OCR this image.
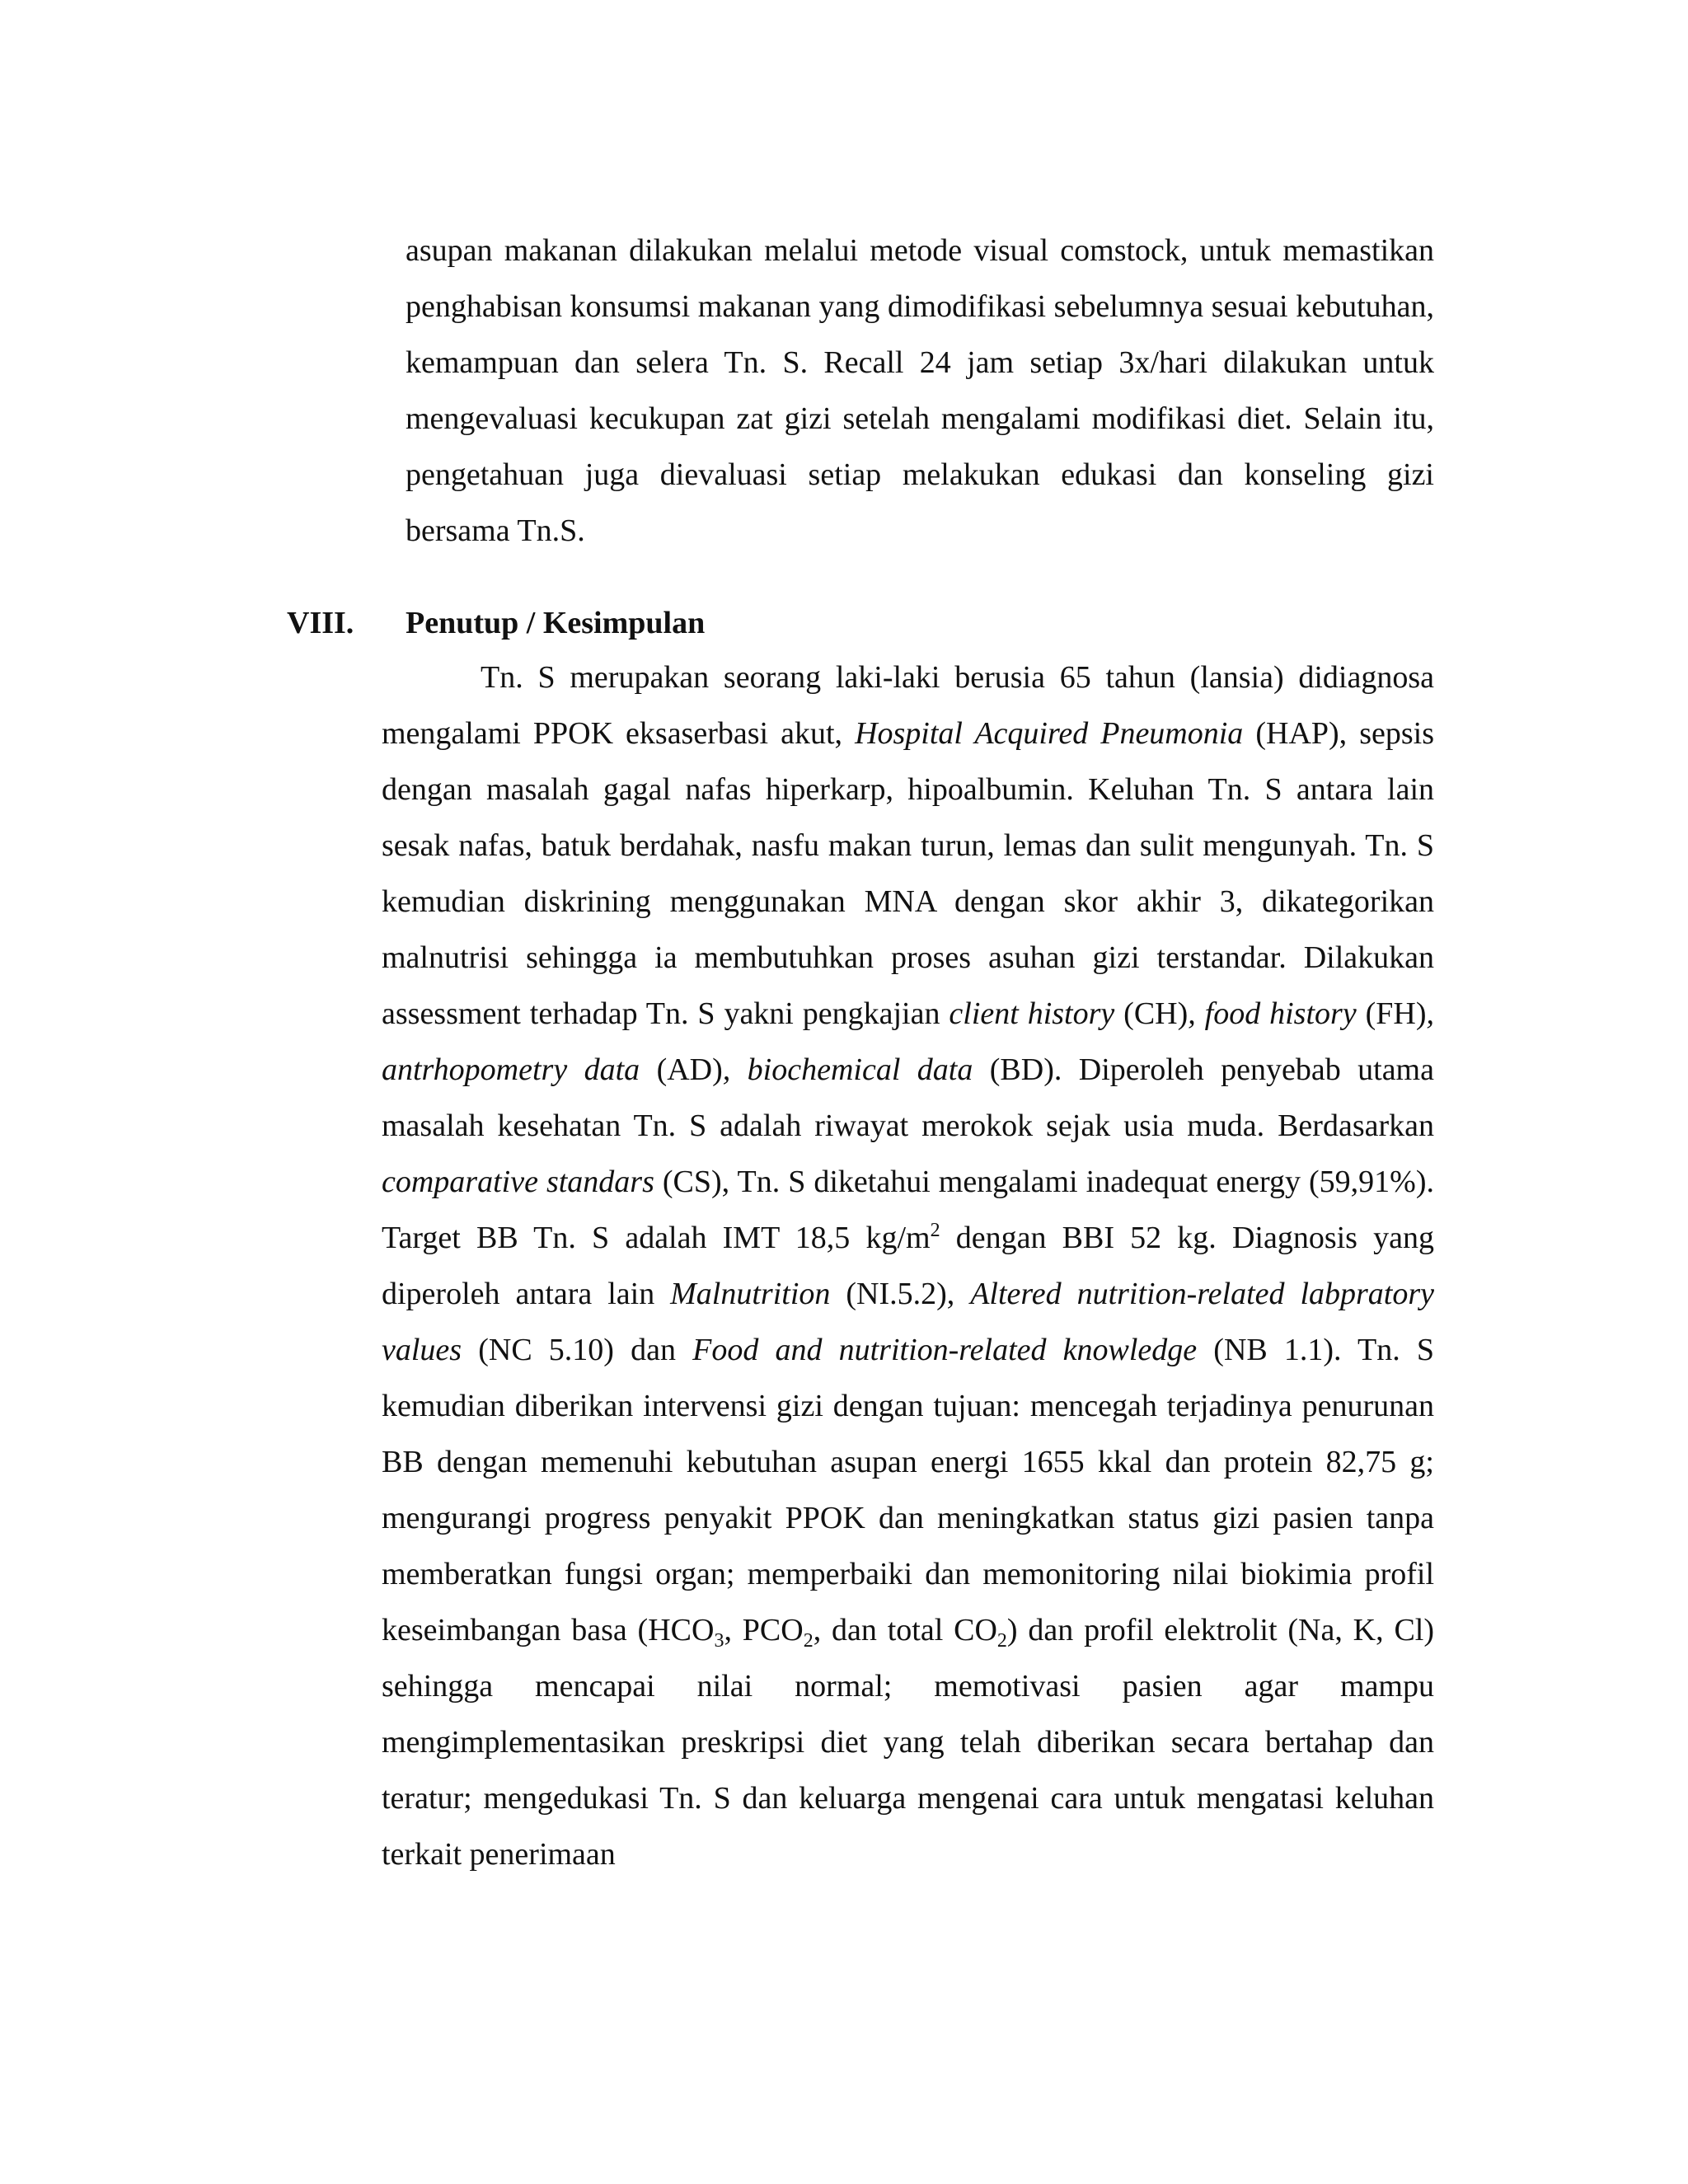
asupan makanan dilakukan melalui metode visual comstock, untuk memastikan penghabisan konsumsi makanan yang dimodifikasi sebelumnya sesuai kebutuhan, kemampuan dan selera Tn. S. Recall 24 jam setiap 3x/hari dilakukan untuk mengevaluasi kecukupan zat gizi setelah mengalami modifikasi diet. Selain itu, pengetahuan juga dievaluasi setiap melakukan edukasi dan konseling gizi bersama Tn.S.

VIII. Penutup / Kesimpulan

Tn. S merupakan seorang laki-laki berusia 65 tahun (lansia) didiagnosa mengalami PPOK eksaserbasi akut, Hospital Acquired Pneumonia (HAP), sepsis dengan masalah gagal nafas hiperkarp, hipoalbumin. Keluhan Tn. S antara lain sesak nafas, batuk berdahak, nasfu makan turun, lemas dan sulit mengunyah. Tn. S kemudian diskrining menggunakan MNA dengan skor akhir 3, dikategorikan malnutrisi sehingga ia membutuhkan proses asuhan gizi terstandar. Dilakukan assessment terhadap Tn. S yakni pengkajian client history (CH), food history (FH), antrhopometry data (AD), biochemical data (BD). Diperoleh penyebab utama masalah kesehatan Tn. S adalah riwayat merokok sejak usia muda. Berdasarkan comparative standars (CS), Tn. S diketahui mengalami inadequat energy (59,91%). Target BB Tn. S adalah IMT 18,5 $kg/m^2$ dengan BBI 52 kg. Diagnosis yang diperoleh antara lain Malnutrition (NI.5.2), Altered nutrition-related labpratory values (NC 5.10) dan Food and nutrition-related knowledge (NB 1.1). Tn. S kemudian diberikan intervensi gizi dengan tujuan: mencegah terjadinya penurunan BB dengan memenuhi kebutuhan asupan energi 1655 kkal dan protein 82,75 g; mengurangi progress penyakit PPOK dan meningkatkan status gizi pasien tanpa memberatkan fungsi organ; memperbaiki dan memonitoring nilai biokimia profil keseimbangan basa ($HCO_3$, $PCO_2$, dan total $CO_2$) dan profil elektrolit (Na, K, Cl) sehingga mencapai nilai normal; memotivasi pasien agar mampu mengimplementasikan preskripsi diet yang telah diberikan secara bertahap dan teratur; mengedukasi Tn. S dan keluarga mengenai cara untuk mengatasi keluhan terkait penerimaan
